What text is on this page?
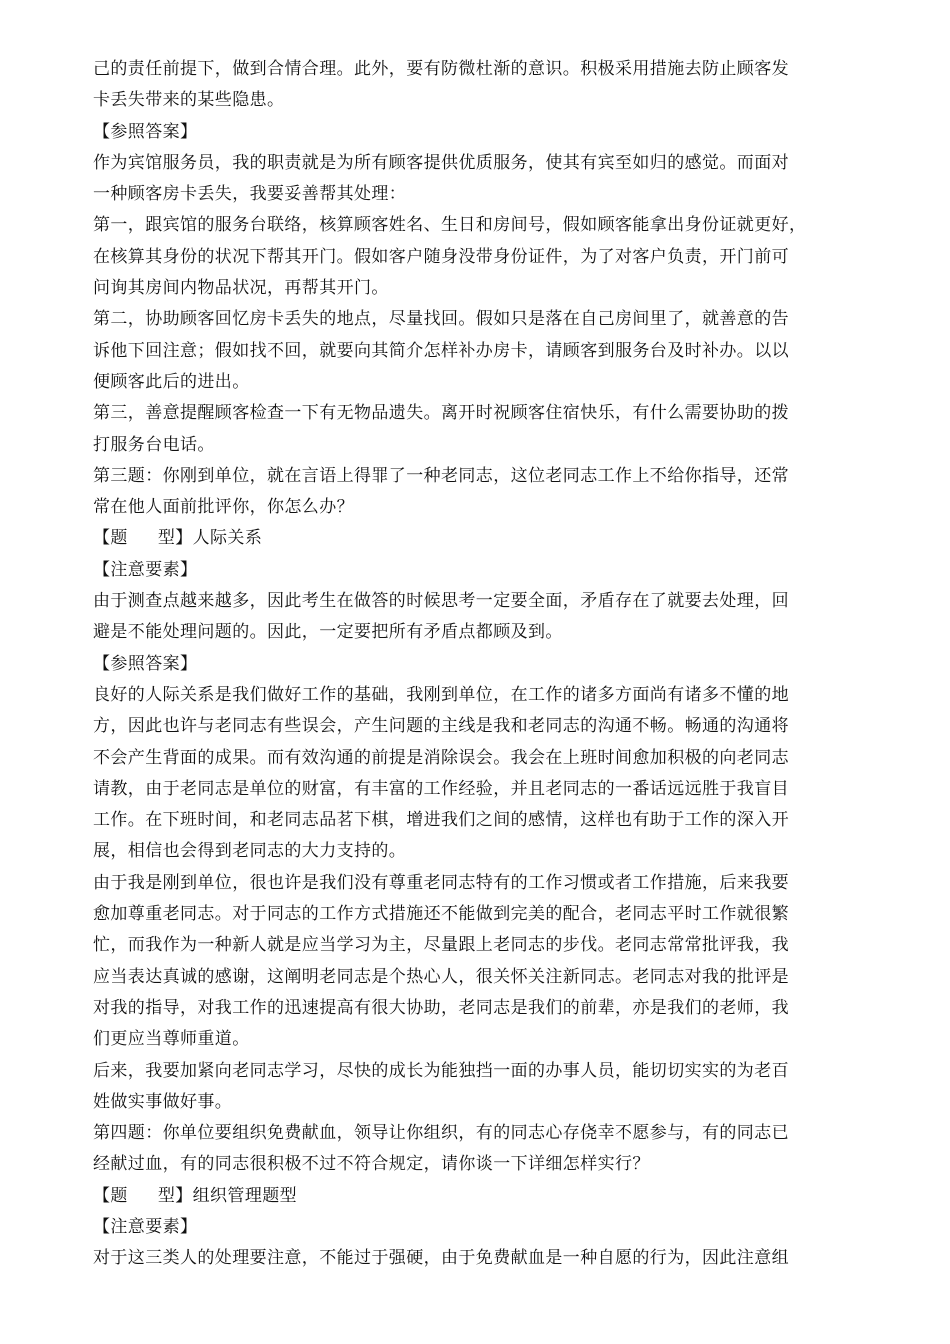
己的责任前提下，做到合情合理。此外，要有防微杜渐的意识。积极采用措施去防止顾客发

卡丢失带来的某些隐患。

【参照答案】

作为宾馆服务员，我的职责就是为所有顾客提供优质服务，使其有宾至如归的感觉。而面对

一种顾客房卡丢失，我要妥善帮其处理：

第一，跟宾馆的服务台联络，核算顾客姓名、生日和房间号，假如顾客能拿出身份证就更好，

在核算其身份的状况下帮其开门。假如客户随身没带身份证件，为了对客户负责，开门前可

问询其房间内物品状况，再帮其开门。

第二，协助顾客回忆房卡丢失的地点，尽量找回。假如只是落在自己房间里了，就善意的告

诉他下回注意；假如找不回，就要向其简介怎样补办房卡，请顾客到服务台及时补办。以以

便顾客此后的进出。

第三，善意提醒顾客检查一下有无物品遗失。离开时祝顾客住宿快乐，有什么需要协助的拨

打服务台电话。

第三题：你刚到单位，就在言语上得罪了一种老同志，这位老同志工作上不给你指导，还常

常在他人面前批评你，你怎么办？

【题 型】人际关系

【注意要素】

由于测查点越来越多，因此考生在做答的时候思考一定要全面，矛盾存在了就要去处理，回

避是不能处理问题的。因此，一定要把所有矛盾点都顾及到。

【参照答案】

良好的人际关系是我们做好工作的基础，我刚到单位，在工作的诸多方面尚有诸多不懂的地

方，因此也许与老同志有些误会，产生问题的主线是我和老同志的沟通不畅。畅通的沟通将

不会产生背面的成果。而有效沟通的前提是消除误会。我会在上班时间愈加积极的向老同志

请教，由于老同志是单位的财富，有丰富的工作经验，并且老同志的一番话远远胜于我盲目

工作。在下班时间，和老同志品茗下棋，增进我们之间的感情，这样也有助于工作的深入开

展，相信也会得到老同志的大力支持的。

由于我是刚到单位，很也许是我们没有尊重老同志特有的工作习惯或者工作措施，后来我要

愈加尊重老同志。对于同志的工作方式措施还不能做到完美的配合，老同志平时工作就很繁

忙，而我作为一种新人就是应当学习为主，尽量跟上老同志的步伐。老同志常常批评我，我

应当表达真诚的感谢，这阐明老同志是个热心人，很关怀关注新同志。老同志对我的批评是

对我的指导，对我工作的迅速提高有很大协助，老同志是我们的前辈，亦是我们的老师，我

们更应当尊师重道。

后来，我要加紧向老同志学习，尽快的成长为能独挡一面的办事人员，能切切实实的为老百

姓做实事做好事。

第四题：你单位要组织免费献血，领导让你组织，有的同志心存侥幸不愿参与，有的同志已

经献过血，有的同志很积极不过不符合规定，请你谈一下详细怎样实行？

【题 型】组织管理题型

【注意要素】

对于这三类人的处理要注意，不能过于强硬，由于免费献血是一种自愿的行为，因此注意组
